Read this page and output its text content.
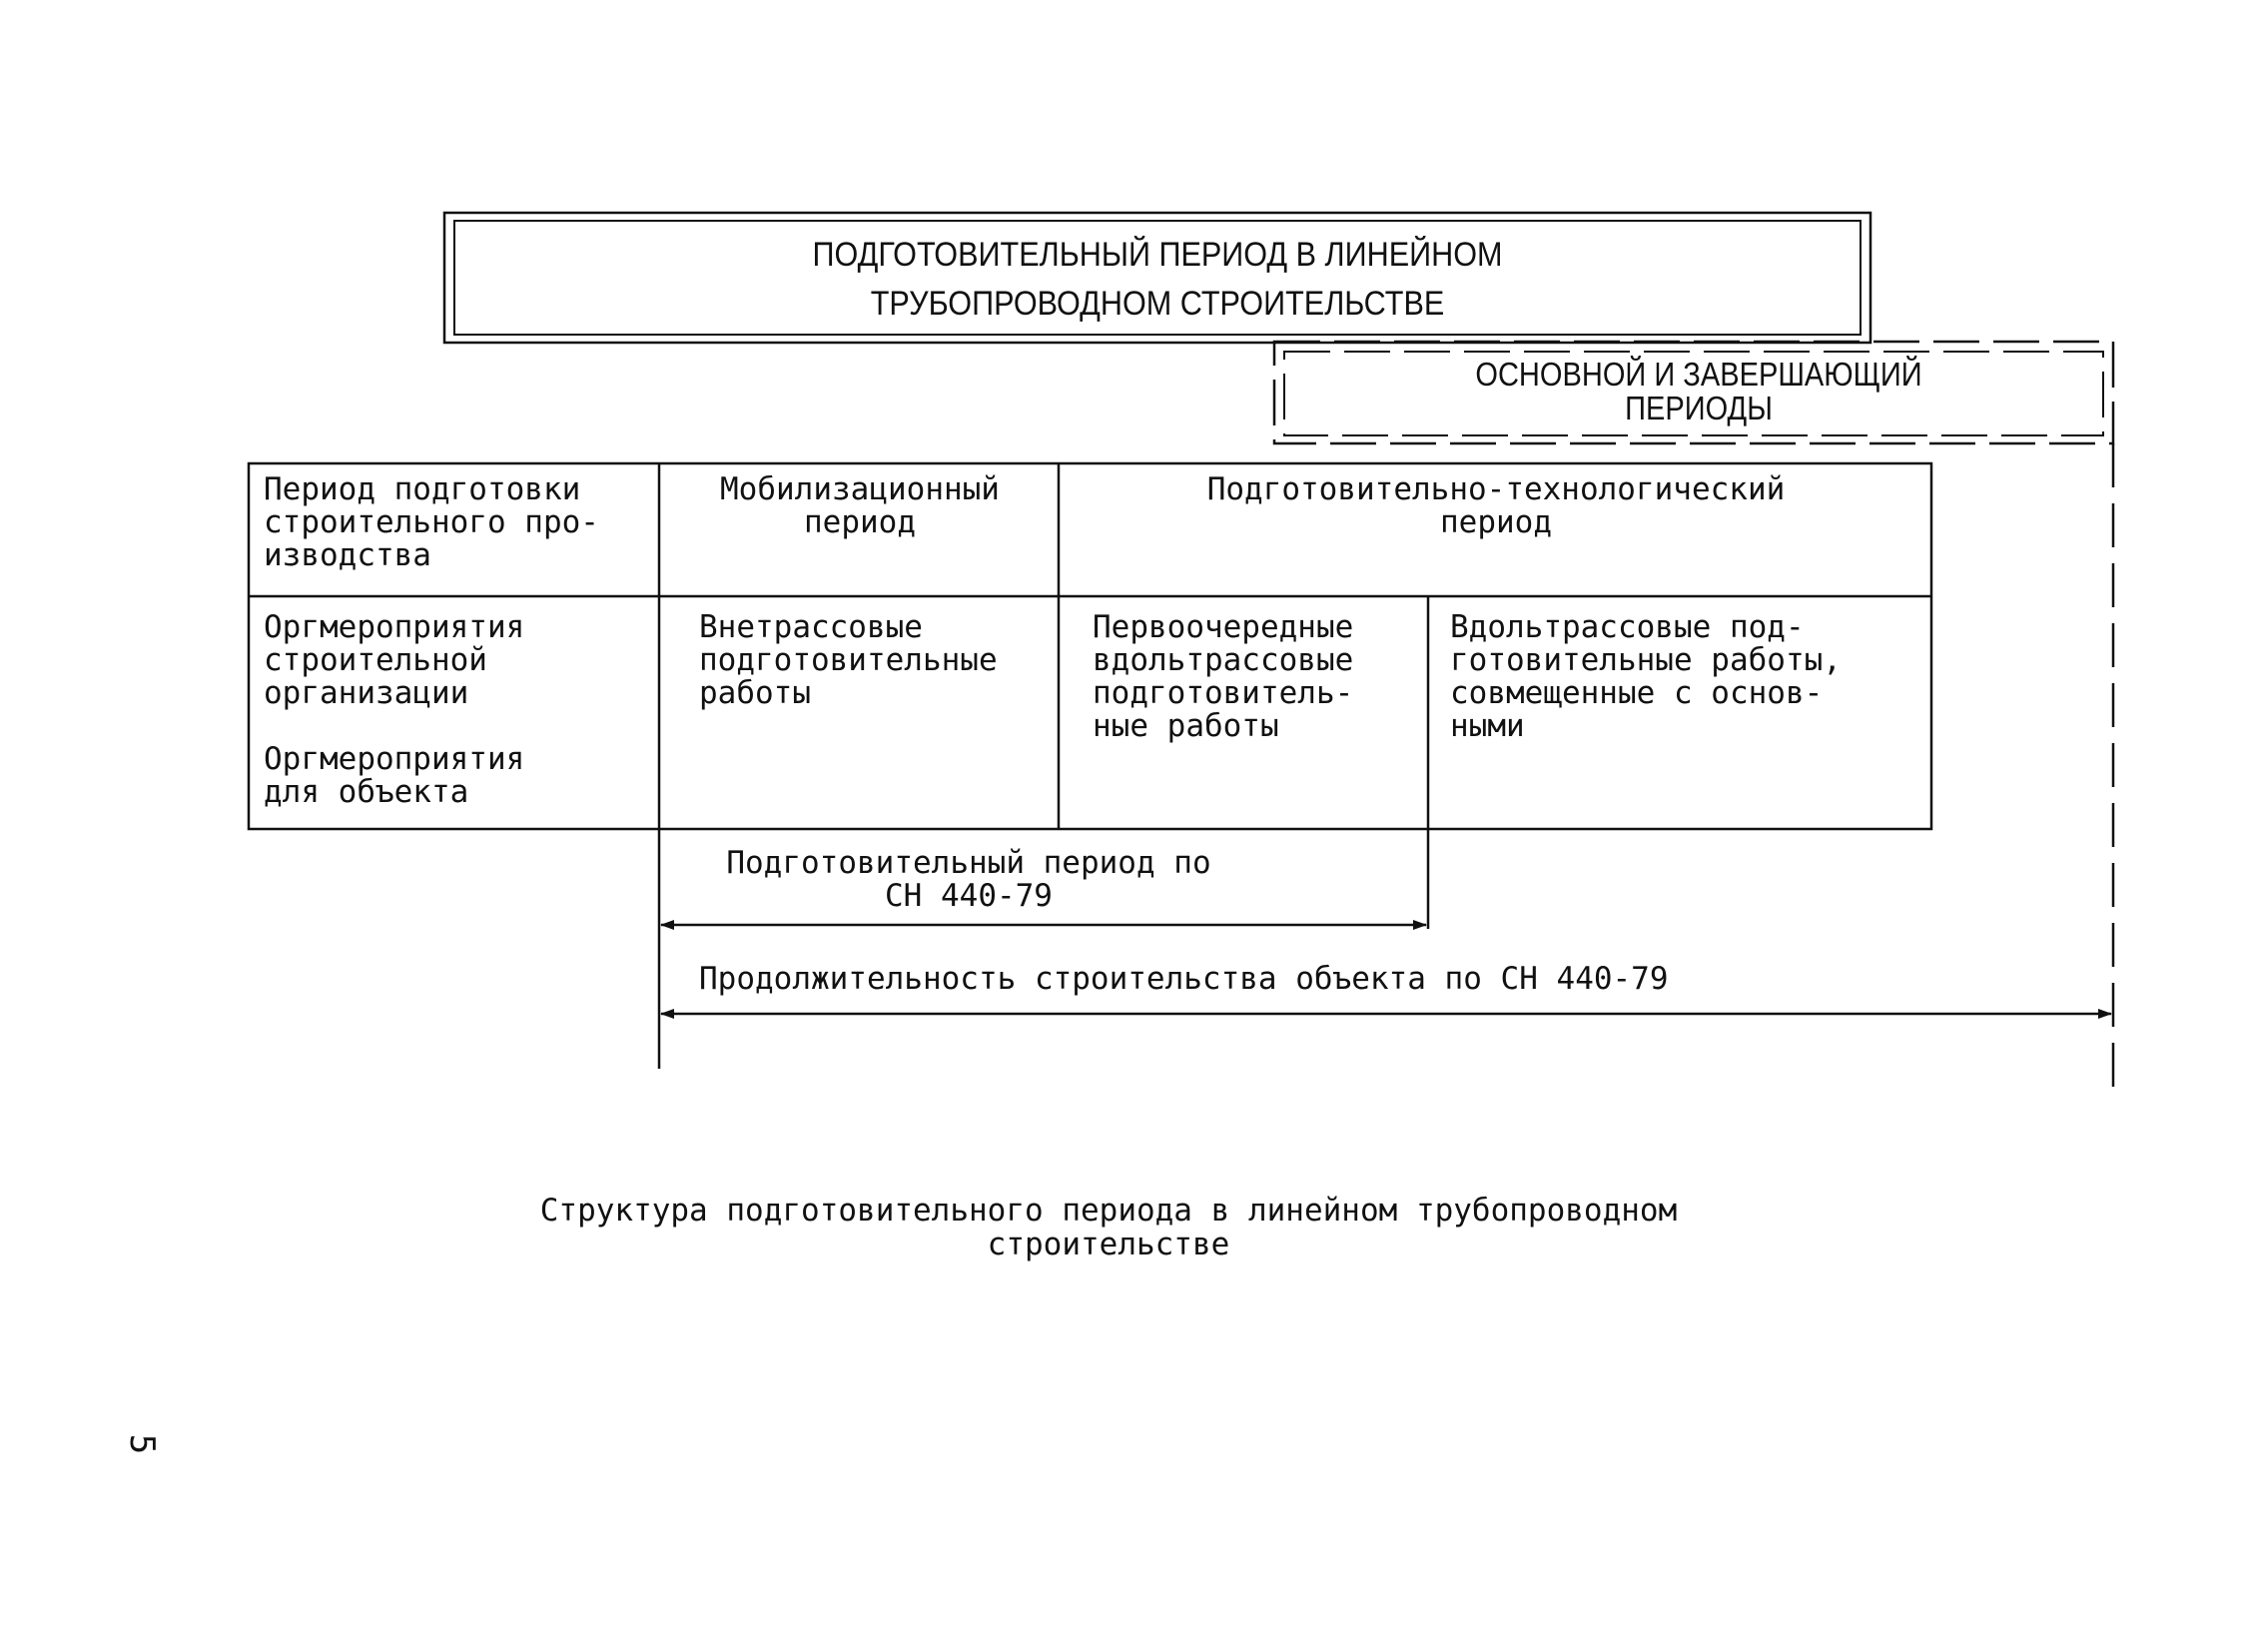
ПОДГОТОВИТЕЛЬНЫЙ ПЕРИОД В ЛИНЕЙНОМ
ТРУБОПРОВОДНОМ СТРОИТЕЛЬСТВЕ
ОСНОВНОЙ И ЗАВЕРШАЮЩИЙ
ПЕРИОДЫ
Период подготовки
строительного про-
изводства
Мобилизационный
период
Подготовительно-технологический
период
Оргмероприятия
строительной
организации
Оргмероприятия
для объекта
Внетрассовые
подготовительные
работы
Первоочередные
вдольтрассовые
подготовитель-
ные работы
Вдольтрассовые под-
готовительные работы,
совмещенные с основ-
ными
Подготовительный период по
СН 440-79
Продолжительность строительства объекта по СН 440-79
Структура подготовительного периода в линейном трубопроводном
строительстве
5
